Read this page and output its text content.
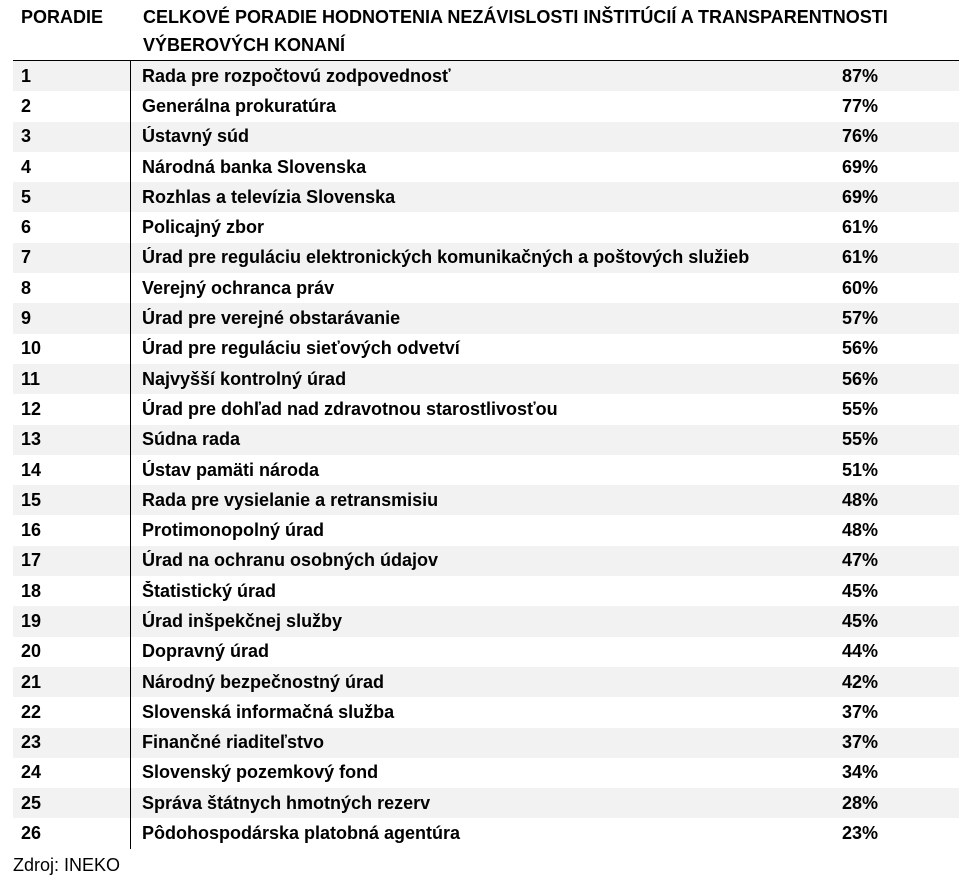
PORADIE	CELKOVÉ PORADIE HODNOTENIA NEZÁVISLOSTI INŠTITÚCIÍ A TRANSPARENTNOSTI VÝBEROVÝCH KONANÍ
1	Rada pre rozpočtovú zodpovednosť	87%
2	Generálna prokuratúra	77%
3	Ústavný súd	76%
4	Národná banka Slovenska	69%
5	Rozhlas a televízia Slovenska	69%
6	Policajný zbor	61%
7	Úrad pre reguláciu elektronických komunikačných a poštových služieb	61%
8	Verejný ochranca práv	60%
9	Úrad pre verejné obstarávanie	57%
10	Úrad pre reguláciu sieťových odvetví	56%
11	Najvyšší kontrolný úrad	56%
12	Úrad pre dohľad nad zdravotnou starostlivosťou	55%
13	Súdna rada	55%
14	Ústav pamäti národa	51%
15	Rada pre vysielanie a retransmisiu	48%
16	Protimonopolný úrad	48%
17	Úrad na ochranu osobných údajov	47%
18	Štatistický úrad	45%
19	Úrad inšpekčnej služby	45%
20	Dopravný úrad	44%
21	Národný bezpečnostný úrad	42%
22	Slovenská informačná služba	37%
23	Finančné riaditeľstvo	37%
24	Slovenský pozemkový fond	34%
25	Správa štátnych hmotných rezerv	28%
26	Pôdohospodárska platobná agentúra	23%
Zdroj: INEKO
